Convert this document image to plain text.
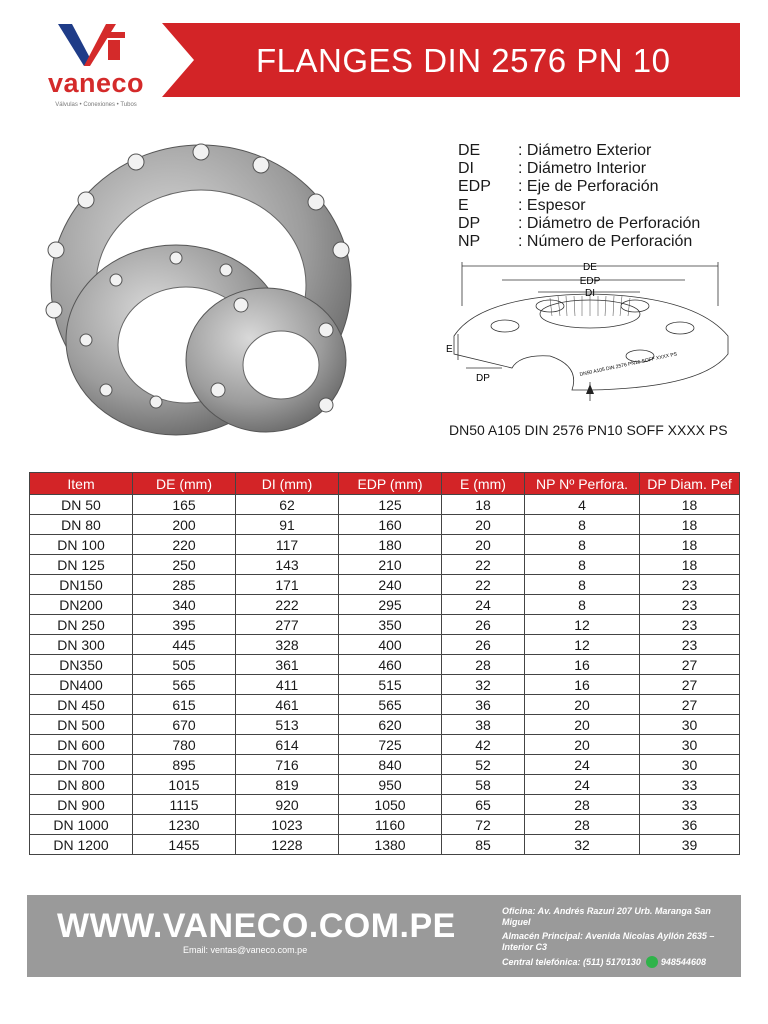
vaneco
Válvulas • Conexiones • Tubos
FLANGES DIN 2576 PN 10
DE	: Diámetro Exterior
DI	: Diámetro Interior
EDP	: Eje de Perforación
E	: Espesor
DP	: Diámetro de Perforación
NP	: Número de Perforación
DE
EDP
DI
E
DP
DN50 A105 DIN 2576 PN16 SOFF XXXX PS
DN50 A105 DIN 2576 PN10 SOFF XXXX PS
Item	DE (mm)	DI (mm)	EDP (mm)	E (mm)	NP Nº Perfora.	DP Diam. Pef
DN 50	165	62	125	18	4	18
DN 80	200	91	160	20	8	18
DN 100	220	117	180	20	8	18
DN 125	250	143	210	22	8	18
DN150	285	171	240	22	8	23
DN200	340	222	295	24	8	23
DN 250	395	277	350	26	12	23
DN 300	445	328	400	26	12	23
DN350	505	361	460	28	16	27
DN400	565	411	515	32	16	27
DN 450	615	461	565	36	20	27
DN 500	670	513	620	38	20	30
DN 600	780	614	725	42	20	30
DN 700	895	716	840	52	24	30
DN 800	1015	819	950	58	24	33
DN 900	1115	920	1050	65	28	33
DN 1000	1230	1023	1160	72	28	36
DN 1200	1455	1228	1380	85	32	39
WWW.VANECO.COM.PE
Email: ventas@vaneco.com.pe
Oficina: Av. Andrés Razuri 207 Urb. Maranga San Miguel
Almacén Principal: Avenida Nicolas Ayllón 2635 – Interior C3
Central telefónica: (511) 5170130 948544608
